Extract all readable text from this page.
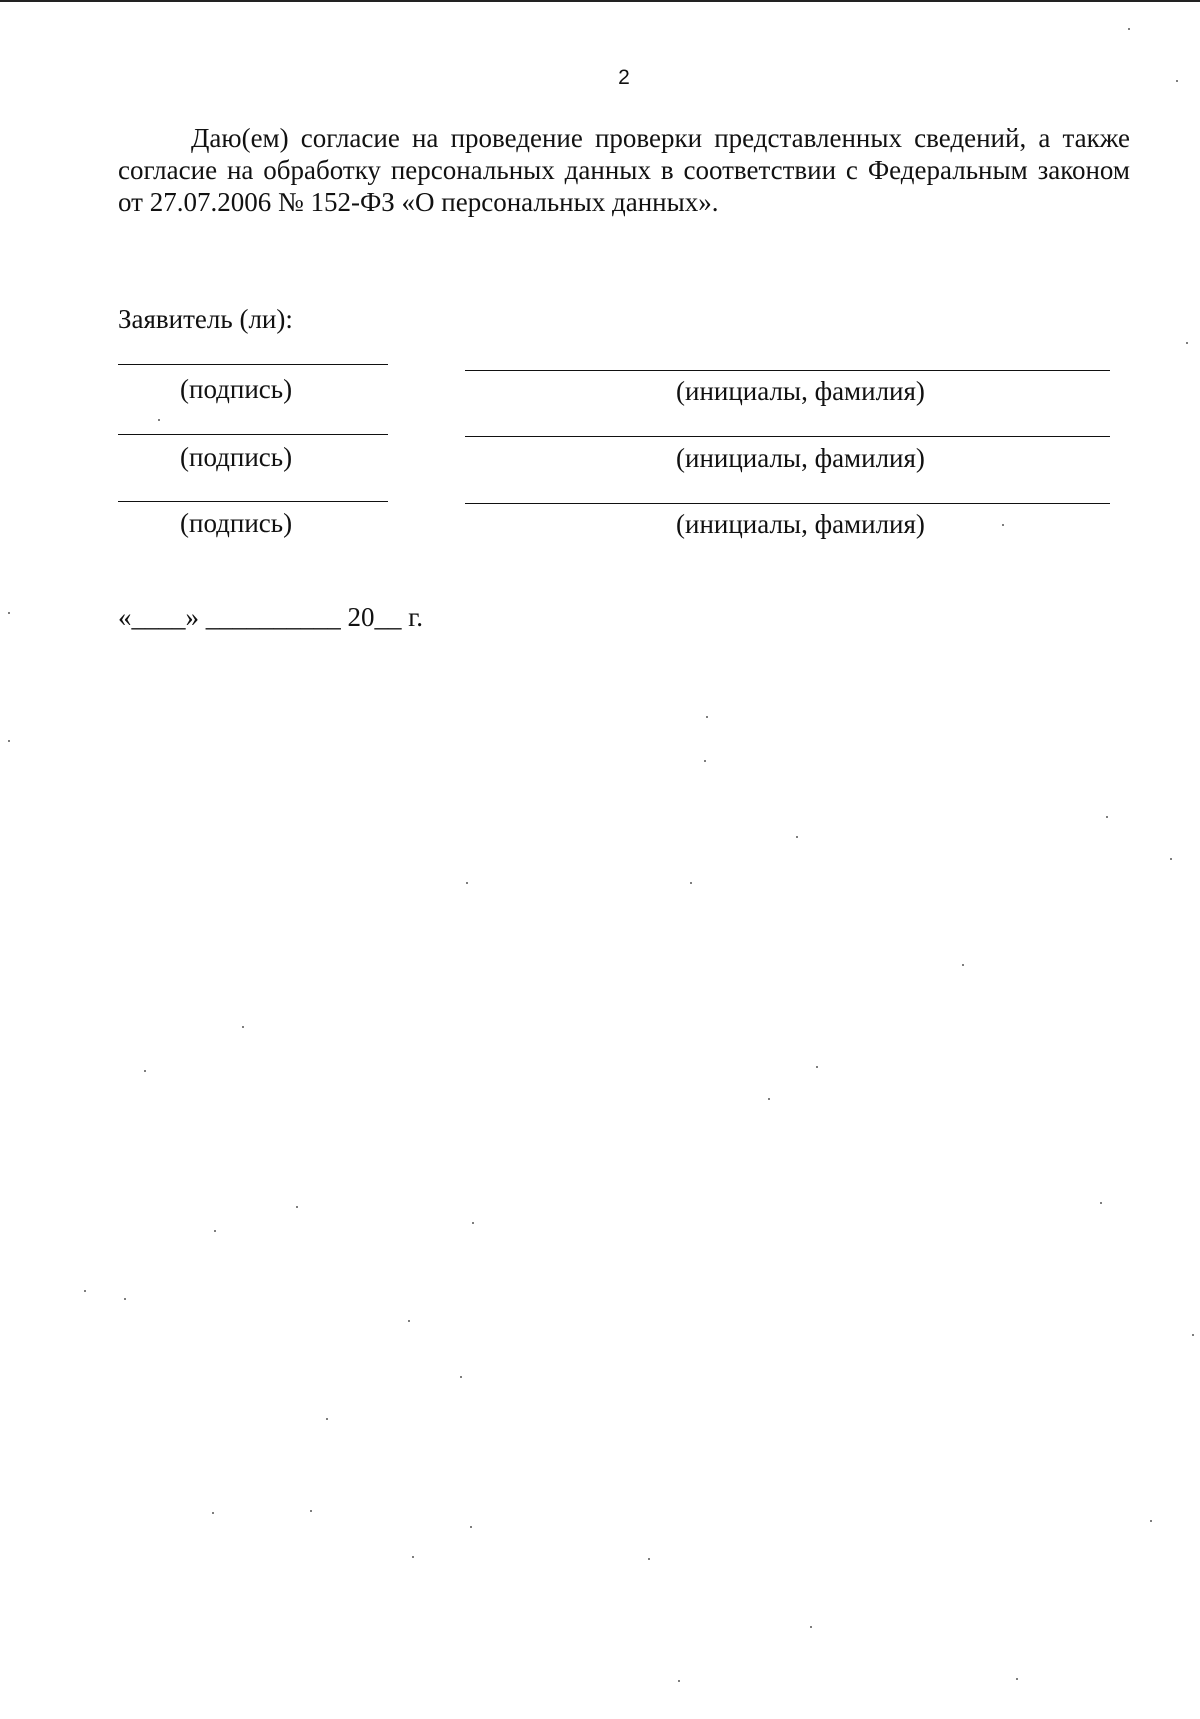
2
Даю(ем) согласие на проведение проверки представленных сведений, а также согласие на обработку персональных данных в соответствии с Федеральным законом от 27.07.2006 № 152-ФЗ «О персональных данных».
Заявитель (ли):
(подпись)	(инициалы, фамилия)
(подпись)	(инициалы, фамилия)
(подпись)	(инициалы, фамилия)
«____» __________ 20__ г.
